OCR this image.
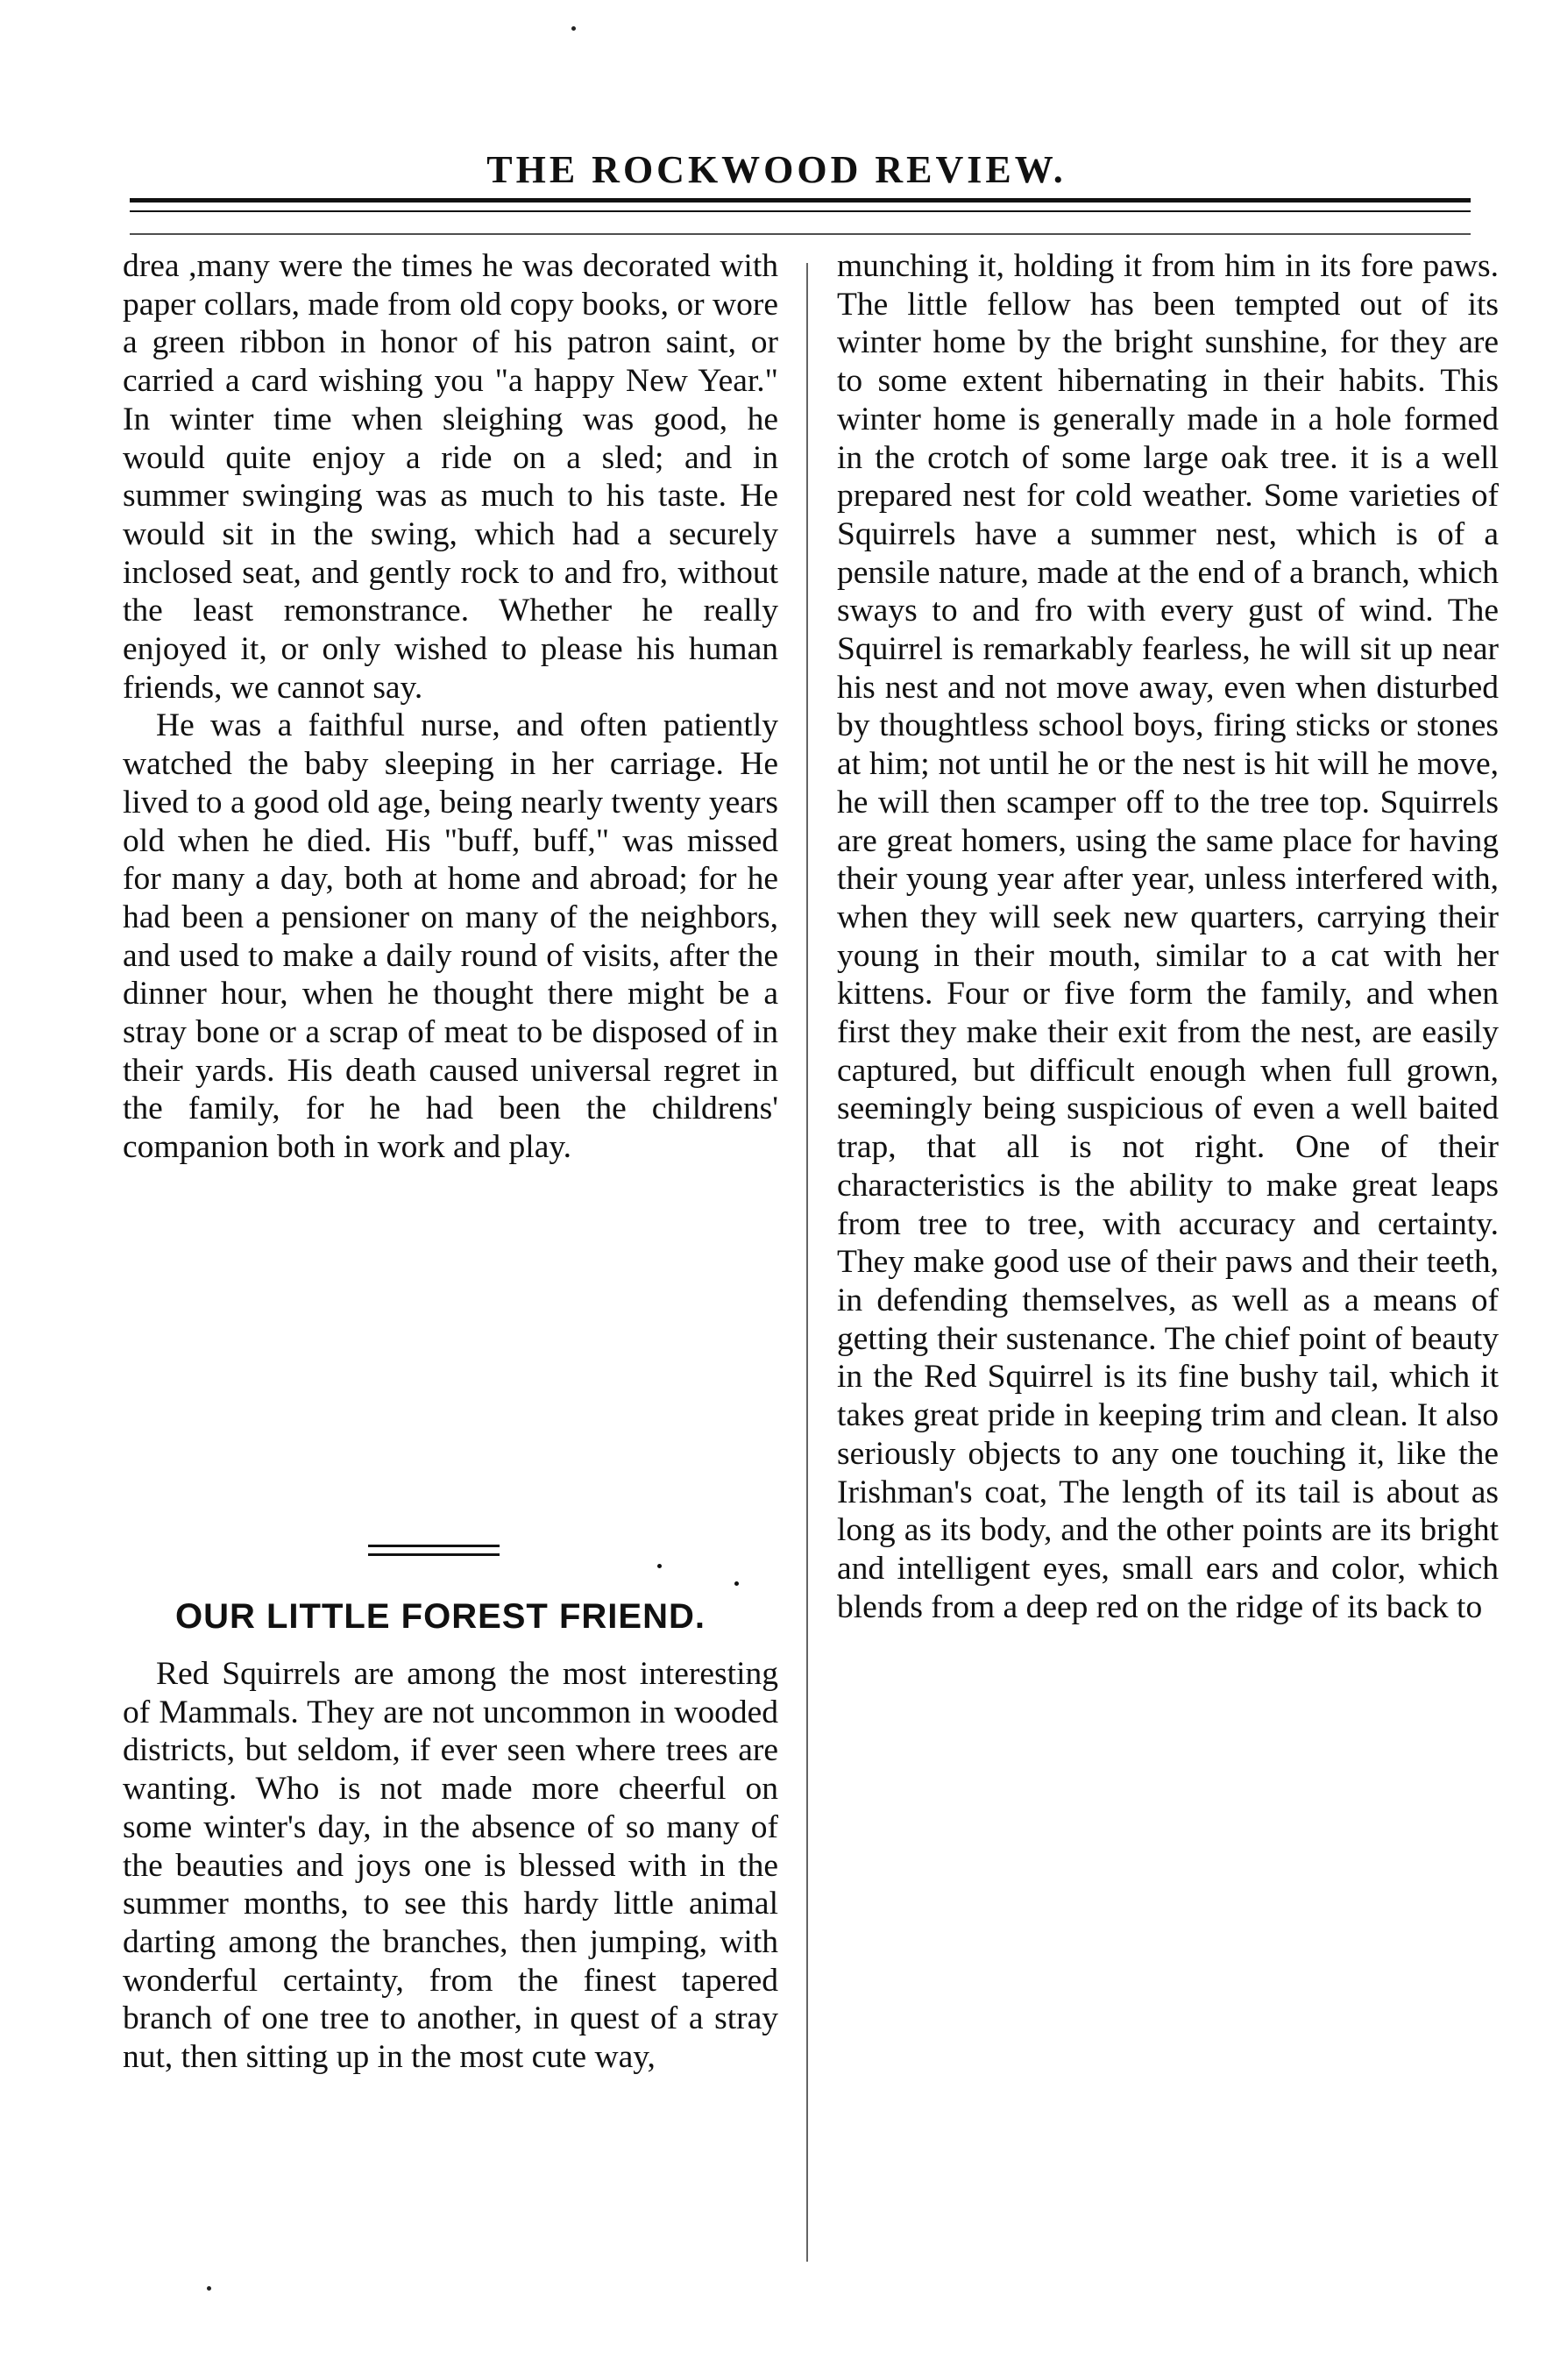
THE ROCKWOOD REVIEW.

drea ,many were the times he was decorated with paper collars, made from old copy books, or wore a green ribbon in honor of his patron saint, or carried a card wishing you "a happy New Year." In winter time when sleighing was good, he would quite enjoy a ride on a sled; and in summer swinging was as much to his taste. He would sit in the swing, which had a securely inclosed seat, and gently rock to and fro, without the least remonstrance. Whether he really enjoyed it, or only wished to please his human friends, we cannot say.

He was a faithful nurse, and often patiently watched the baby sleeping in her carriage. He lived to a good old age, being nearly twenty years old when he died. His "buff, buff," was missed for many a day, both at home and abroad; for he had been a pensioner on many of the neighbors, and used to make a daily round of visits, after the dinner hour, when he thought there might be a stray bone or a scrap of meat to be disposed of in their yards. His death caused universal regret in the family, for he had been the childrens' companion both in work and play.

OUR LITTLE FOREST FRIEND.

Red Squirrels are among the most interesting of Mammals. They are not uncommon in wooded districts, but seldom, if ever seen where trees are wanting. Who is not made more cheerful on some winter's day, in the absence of so many of the beauties and joys one is blessed with in the summer months, to see this hardy little animal darting among the branches, then jumping, with wonderful certainty, from the finest tapered branch of one tree to another, in quest of a stray nut, then sitting up in the most cute way,

munching it, holding it from him in its fore paws. The little fellow has been tempted out of its winter home by the bright sunshine, for they are to some extent hibernating in their habits. This winter home is generally made in a hole formed in the crotch of some large oak tree. it is a well prepared nest for cold weather. Some varieties of Squirrels have a summer nest, which is of a pensile nature, made at the end of a branch, which sways to and fro with every gust of wind. The Squirrel is remarkably fearless, he will sit up near his nest and not move away, even when disturbed by thoughtless school boys, firing sticks or stones at him; not until he or the nest is hit will he move, he will then scamper off to the tree top. Squirrels are great homers, using the same place for having their young year after year, unless interfered with, when they will seek new quarters, carrying their young in their mouth, similar to a cat with her kittens. Four or five form the family, and when first they make their exit from the nest, are easily captured, but difficult enough when full grown, seemingly being suspicious of even a well baited trap, that all is not right. One of their characteristics is the ability to make great leaps from tree to tree, with accuracy and certainty. They make good use of their paws and their teeth, in defending themselves, as well as a means of getting their sustenance. The chief point of beauty in the Red Squirrel is its fine bushy tail, which it takes great pride in keeping trim and clean. It also seriously objects to any one touching it, like the Irishman's coat, The length of its tail is about as long as its body, and the other points are its bright and intelligent eyes, small ears and color, which blends from a deep red on the ridge of its back to
